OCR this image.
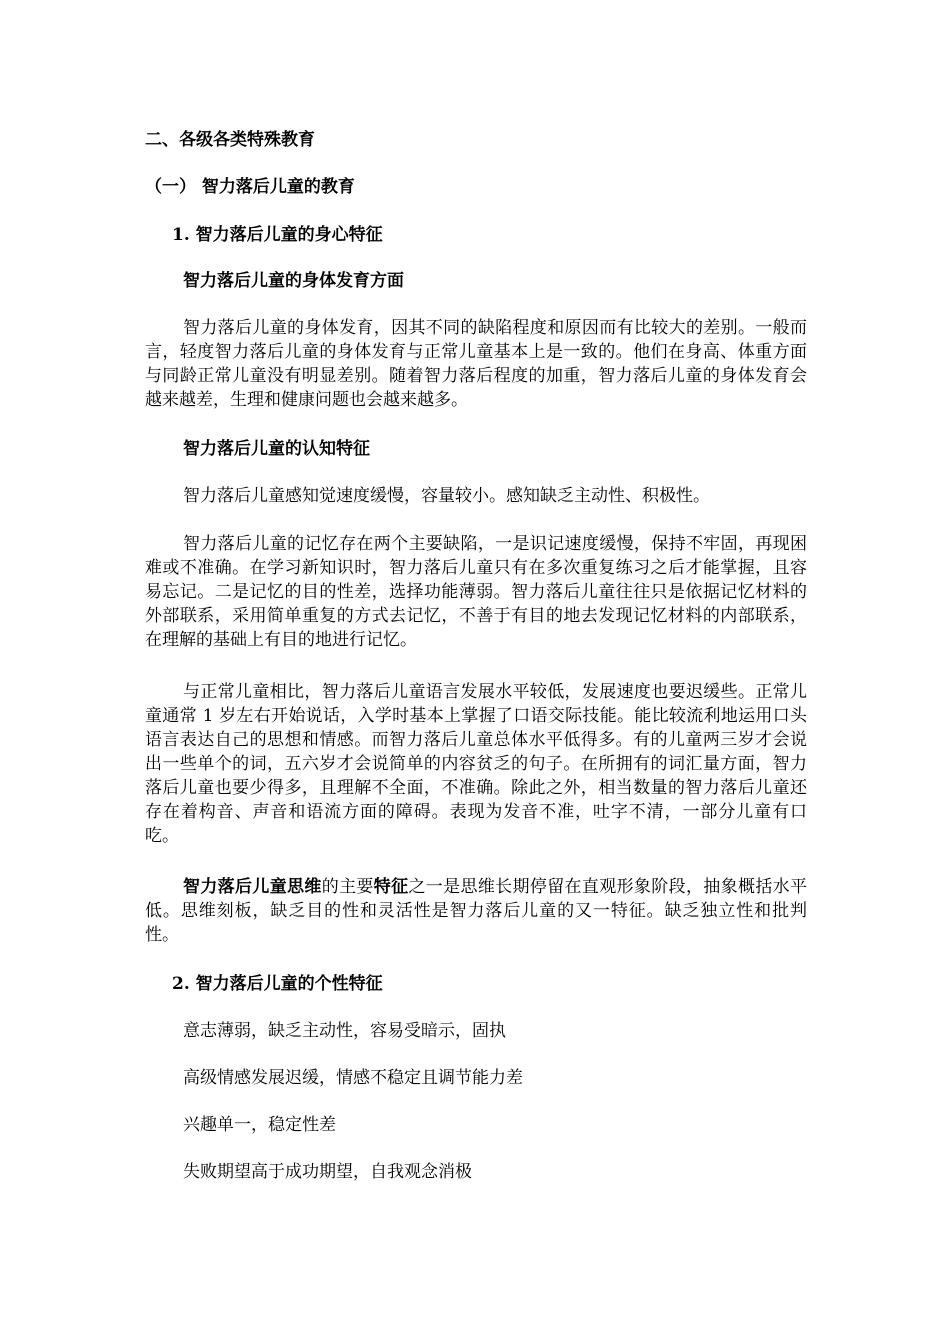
二、各级各类特殊教育
（一） 智力落后儿童的教育
1. 智力落后儿童的身心特征
智力落后儿童的身体发育方面
智力落后儿童的身体发育，因其不同的缺陷程度和原因而有比较大的差别。一般而言，轻度智力落后儿童的身体发育与正常儿童基本上是一致的。他们在身高、体重方面与同龄正常儿童没有明显差别。随着智力落后程度的加重，智力落后儿童的身体发育会越来越差，生理和健康问题也会越来越多。
智力落后儿童的认知特征
智力落后儿童感知觉速度缓慢，容量较小。感知缺乏主动性、积极性。
智力落后儿童的记忆存在两个主要缺陷，一是识记速度缓慢，保持不牢固，再现困难或不准确。在学习新知识时，智力落后儿童只有在多次重复练习之后才能掌握，且容易忘记。二是记忆的目的性差，选择功能薄弱。智力落后儿童往往只是依据记忆材料的外部联系，采用简单重复的方式去记忆，不善于有目的地去发现记忆材料的内部联系，在理解的基础上有目的地进行记忆。
与正常儿童相比，智力落后儿童语言发展水平较低，发展速度也要迟缓些。正常儿童通常 1 岁左右开始说话，入学时基本上掌握了口语交际技能。能比较流利地运用口头语言表达自己的思想和情感。而智力落后儿童总体水平低得多。有的儿童两三岁才会说出一些单个的词，五六岁才会说简单的内容贫乏的句子。在所拥有的词汇量方面，智力落后儿童也要少得多，且理解不全面，不准确。除此之外，相当数量的智力落后儿童还存在着构音、声音和语流方面的障碍。表现为发音不准，吐字不清，一部分儿童有口吃。
智力落后儿童思维的主要特征之一是思维长期停留在直观形象阶段，抽象概括水平低。思维刻板，缺乏目的性和灵活性是智力落后儿童的又一特征。缺乏独立性和批判性。
2. 智力落后儿童的个性特征
意志薄弱，缺乏主动性，容易受暗示，固执
高级情感发展迟缓，情感不稳定且调节能力差
兴趣单一，稳定性差
失败期望高于成功期望，自我观念消极
